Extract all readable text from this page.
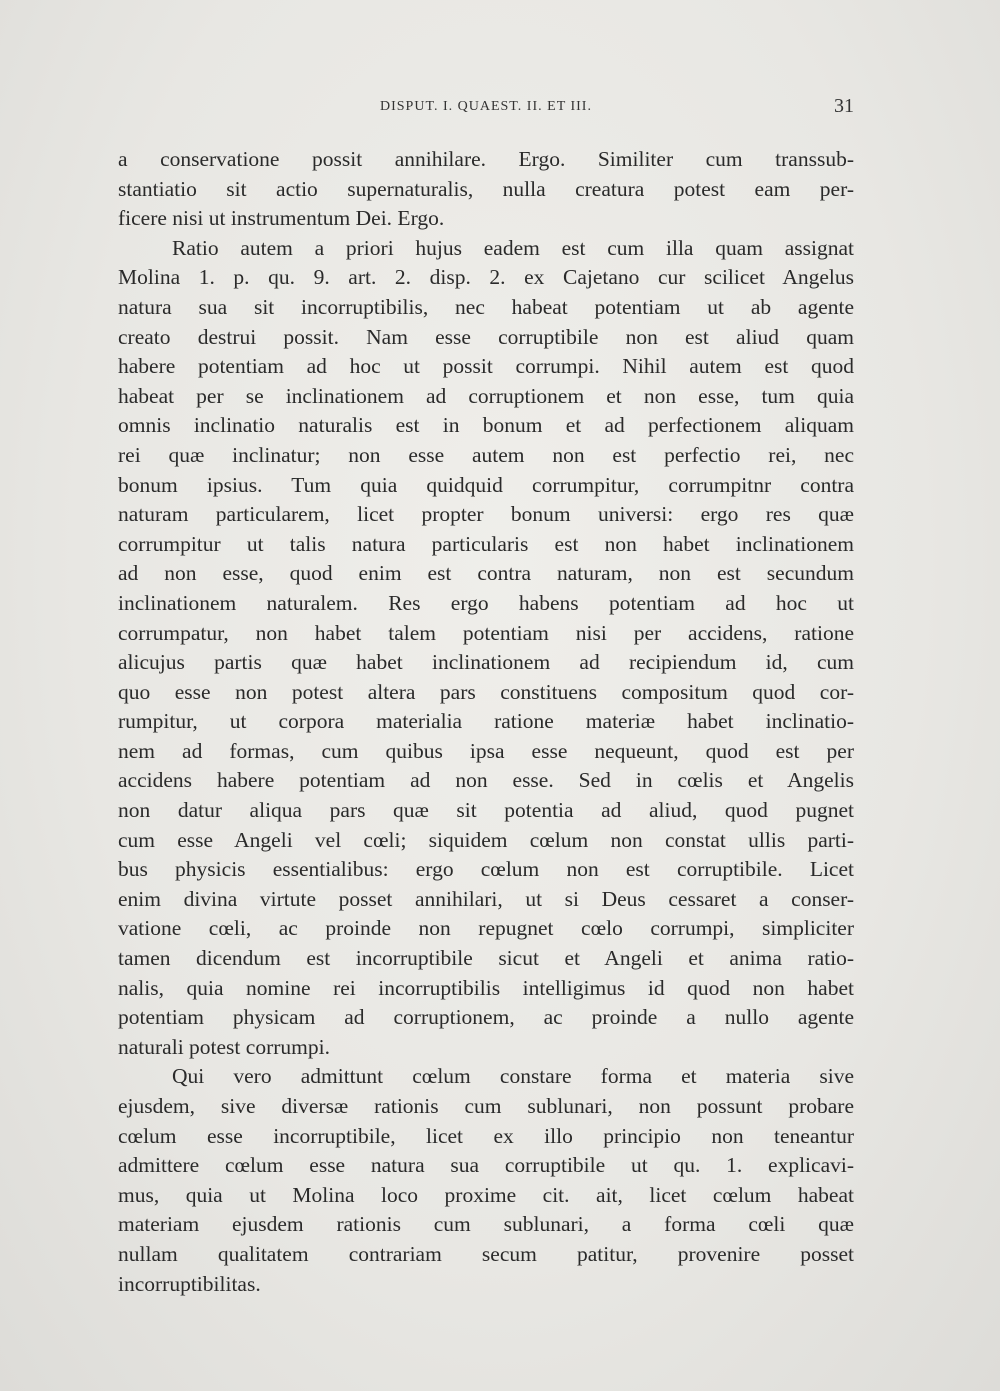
DISPUT. I. QUAEST. II. ET III.	31
a conservatione possit annihilare. Ergo. Similiter cum transsub-
stantiatio sit actio supernaturalis, nulla creatura potest eam per-
ficere nisi ut instrumentum Dei. Ergo.
Ratio autem a priori hujus eadem est cum illa quam assignat
Molina 1. p. qu. 9. art. 2. disp. 2. ex Cajetano cur scilicet Angelus
natura sua sit incorruptibilis, nec habeat potentiam ut ab agente
creato destrui possit. Nam esse corruptibile non est aliud quam
habere potentiam ad hoc ut possit corrumpi. Nihil autem est quod
habeat per se inclinationem ad corruptionem et non esse, tum quia
omnis inclinatio naturalis est in bonum et ad perfectionem aliquam
rei quæ inclinatur; non esse autem non est perfectio rei, nec
bonum ipsius. Tum quia quidquid corrumpitur, corrumpitnr contra
naturam particularem, licet propter bonum universi: ergo res quæ
corrumpitur ut talis natura particularis est non habet inclinationem
ad non esse, quod enim est contra naturam, non est secundum
inclinationem naturalem. Res ergo habens potentiam ad hoc ut
corrumpatur, non habet talem potentiam nisi per accidens, ratione
alicujus partis quæ habet inclinationem ad recipiendum id, cum
quo esse non potest altera pars constituens compositum quod cor-
rumpitur, ut corpora materialia ratione materiæ habet inclinatio-
nem ad formas, cum quibus ipsa esse nequeunt, quod est per
accidens habere potentiam ad non esse. Sed in cœlis et Angelis
non datur aliqua pars quæ sit potentia ad aliud, quod pugnet
cum esse Angeli vel cœli; siquidem cœlum non constat ullis parti-
bus physicis essentialibus: ergo cœlum non est corruptibile. Licet
enim divina virtute posset annihilari, ut si Deus cessaret a conser-
vatione cœli, ac proinde non repugnet cœlo corrumpi, simpliciter
tamen dicendum est incorruptibile sicut et Angeli et anima ratio-
nalis, quia nomine rei incorruptibilis intelligimus id quod non habet
potentiam physicam ad corruptionem, ac proinde a nullo agente
naturali potest corrumpi.
Qui vero admittunt cœlum constare forma et materia sive
ejusdem, sive diversæ rationis cum sublunari, non possunt probare
cœlum esse incorruptibile, licet ex illo principio non teneantur
admittere cœlum esse natura sua corruptibile ut qu. 1. explicavi-
mus, quia ut Molina loco proxime cit. ait, licet cœlum habeat
materiam ejusdem rationis cum sublunari, a forma cœli quæ
nullam qualitatem contrariam secum patitur, provenire posset
incorruptibilitas.
